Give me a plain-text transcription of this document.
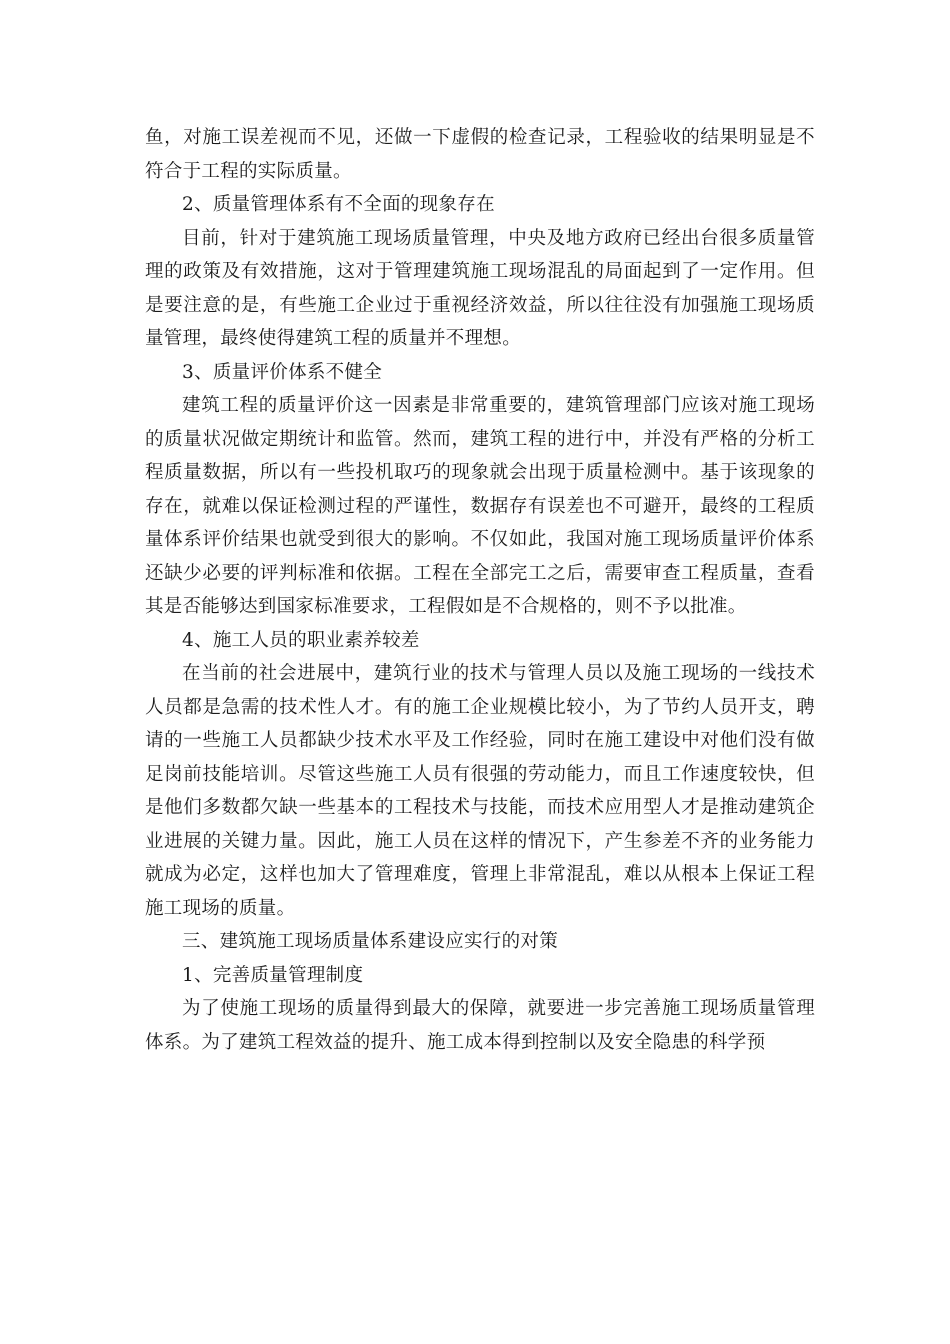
鱼，对施工误差视而不见，还做一下虚假的检查记录，工程验收的结果明显是不符合于工程的实际质量。

2、质量管理体系有不全面的现象存在

目前，针对于建筑施工现场质量管理，中央及地方政府已经出台很多质量管理的政策及有效措施，这对于管理建筑施工现场混乱的局面起到了一定作用。但是要注意的是，有些施工企业过于重视经济效益，所以往往没有加强施工现场质量管理，最终使得建筑工程的质量并不理想。

3、质量评价体系不健全

建筑工程的质量评价这一因素是非常重要的，建筑管理部门应该对施工现场的质量状况做定期统计和监管。然而，建筑工程的进行中，并没有严格的分析工程质量数据，所以有一些投机取巧的现象就会出现于质量检测中。基于该现象的存在，就难以保证检测过程的严谨性，数据存有误差也不可避开，最终的工程质量体系评价结果也就受到很大的影响。不仅如此，我国对施工现场质量评价体系还缺少必要的评判标准和依据。工程在全部完工之后，需要审查工程质量，查看其是否能够达到国家标准要求，工程假如是不合规格的，则不予以批准。

4、施工人员的职业素养较差

在当前的社会进展中，建筑行业的技术与管理人员以及施工现场的一线技术人员都是急需的技术性人才。有的施工企业规模比较小，为了节约人员开支，聘请的一些施工人员都缺少技术水平及工作经验，同时在施工建设中对他们没有做足岗前技能培训。尽管这些施工人员有很强的劳动能力，而且工作速度较快，但是他们多数都欠缺一些基本的工程技术与技能，而技术应用型人才是推动建筑企业进展的关键力量。因此，施工人员在这样的情况下，产生参差不齐的业务能力就成为必定，这样也加大了管理难度，管理上非常混乱，难以从根本上保证工程施工现场的质量。

三、建筑施工现场质量体系建设应实行的对策

1、完善质量管理制度

为了使施工现场的质量得到最大的保障，就要进一步完善施工现场质量管理体系。为了建筑工程效益的提升、施工成本得到控制以及安全隐患的科学预
